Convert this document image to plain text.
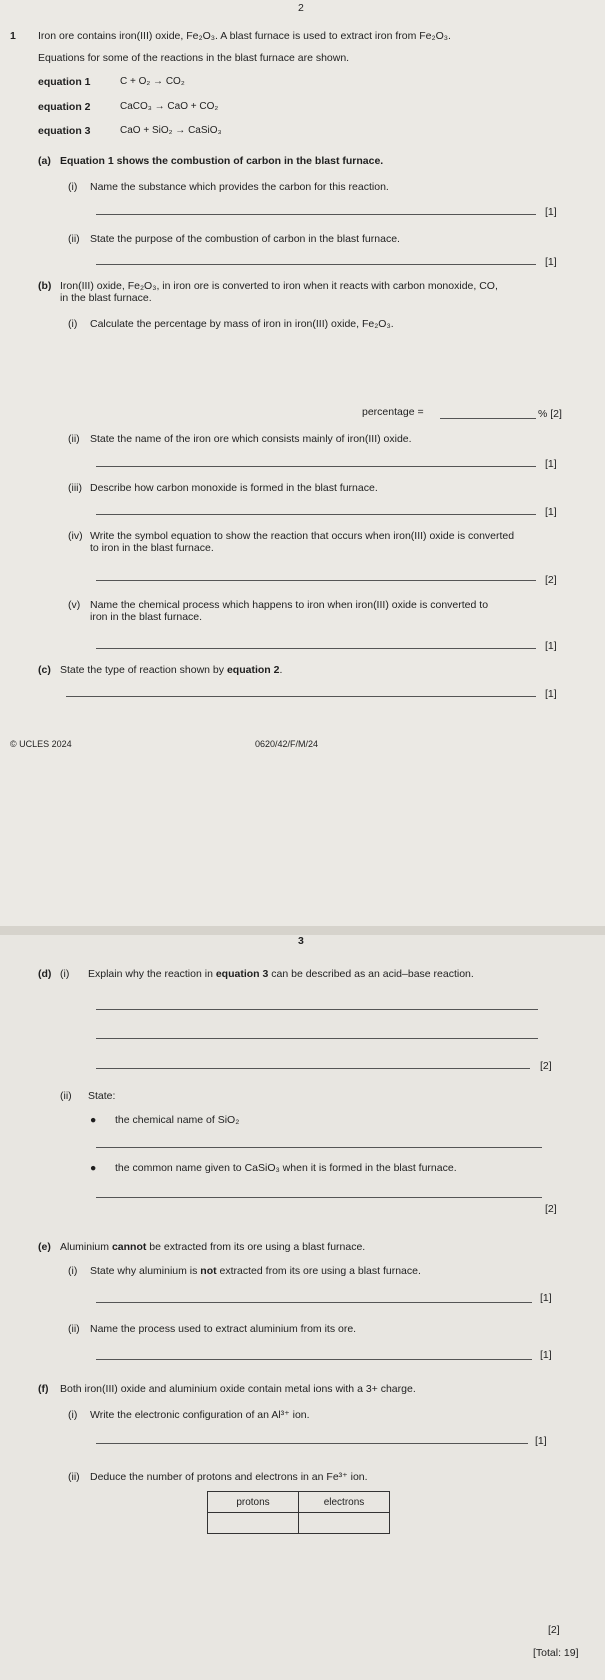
2
1 Iron ore contains iron(III) oxide, Fe₂O₃. A blast furnace is used to extract iron from Fe₂O₃.
Equations for some of the reactions in the blast furnace are shown.
equation 1	C + O₂ → CO₂
equation 2	CaCO₃ → CaO + CO₂
equation 3	CaO + SiO₂ → CaSiO₃
(a) Equation 1 shows the combustion of carbon in the blast furnace.
(i) Name the substance which provides the carbon for this reaction.
[1]
(ii) State the purpose of the combustion of carbon in the blast furnace.
[1]
(b) Iron(III) oxide, Fe₂O₃, in iron ore is converted to iron when it reacts with carbon monoxide, CO,
in the blast furnace.
(i) Calculate the percentage by mass of iron in iron(III) oxide, Fe₂O₃.
percentage =	% [2]
(ii) State the name of the iron ore which consists mainly of iron(III) oxide.
[1]
(iii) Describe how carbon monoxide is formed in the blast furnace.
[1]
(iv) Write the symbol equation to show the reaction that occurs when iron(III) oxide is converted
to iron in the blast furnace.
[2]
(v) Name the chemical process which happens to iron when iron(III) oxide is converted to
iron in the blast furnace.
[1]
(c) State the type of reaction shown by equation 2.
[1]
© UCLES 2024	0620/42/F/M/24
3
(d) (i) Explain why the reaction in equation 3 can be described as an acid–base reaction.
[2]
(ii) State:
● the chemical name of SiO₂
● the common name given to CaSiO₃ when it is formed in the blast furnace.
[2]
(e) Aluminium cannot be extracted from its ore using a blast furnace.
(i) State why aluminium is not extracted from its ore using a blast furnace.
[1]
(ii) Name the process used to extract aluminium from its ore.
[1]
(f) Both iron(III) oxide and aluminium oxide contain metal ions with a 3+ charge.
(i) Write the electronic configuration of an Al³⁺ ion.
[1]
(ii) Deduce the number of protons and electrons in an Fe³⁺ ion.
protons	electrons

[2]
[Total: 19]
